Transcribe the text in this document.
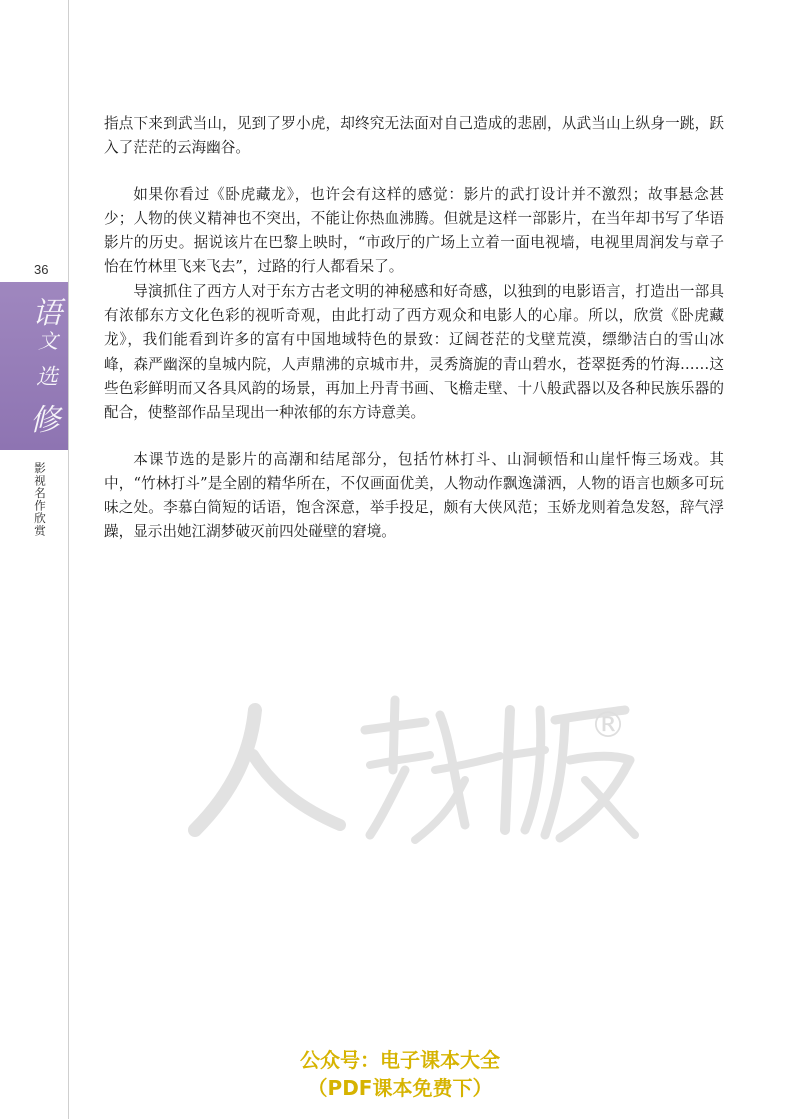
36
语
文
选
修
影视名作欣赏

指点下来到武当山，见到了罗小虎，却终究无法面对自己造成的悲剧，从武当山上纵身一跳，跃入了茫茫的云海幽谷。

如果你看过《卧虎藏龙》，也许会有这样的感觉：影片的武打设计并不激烈；故事悬念甚少；人物的侠义精神也不突出，不能让你热血沸腾。但就是这样一部影片，在当年却书写了华语影片的历史。据说该片在巴黎上映时，“市政厅的广场上立着一面电视墙，电视里周润发与章子怡在竹林里飞来飞去”，过路的行人都看呆了。

导演抓住了西方人对于东方古老文明的神秘感和好奇感，以独到的电影语言，打造出一部具有浓郁东方文化色彩的视听奇观，由此打动了西方观众和电影人的心扉。所以，欣赏《卧虎藏龙》，我们能看到许多的富有中国地域特色的景致：辽阔苍茫的戈壁荒漠，缥缈洁白的雪山冰峰，森严幽深的皇城内院，人声鼎沸的京城市井，灵秀旖旎的青山碧水，苍翠挺秀的竹海……这些色彩鲜明而又各具风韵的场景，再加上丹青书画、飞檐走壁、十八般武器以及各种民族乐器的配合，使整部作品呈现出一种浓郁的东方诗意美。

本课节选的是影片的高潮和结尾部分，包括竹林打斗、山洞顿悟和山崖忏悔三场戏。其中，“竹林打斗”是全剧的精华所在，不仅画面优美，人物动作飘逸潇洒，人物的语言也颇多可玩味之处。李慕白简短的话语，饱含深意，举手投足，颇有大侠风范；玉娇龙则着急发怒，辞气浮躁，显示出她江湖梦破灭前四处碰壁的窘境。

®
公众号：电子课本大全
（PDF课本免费下）
